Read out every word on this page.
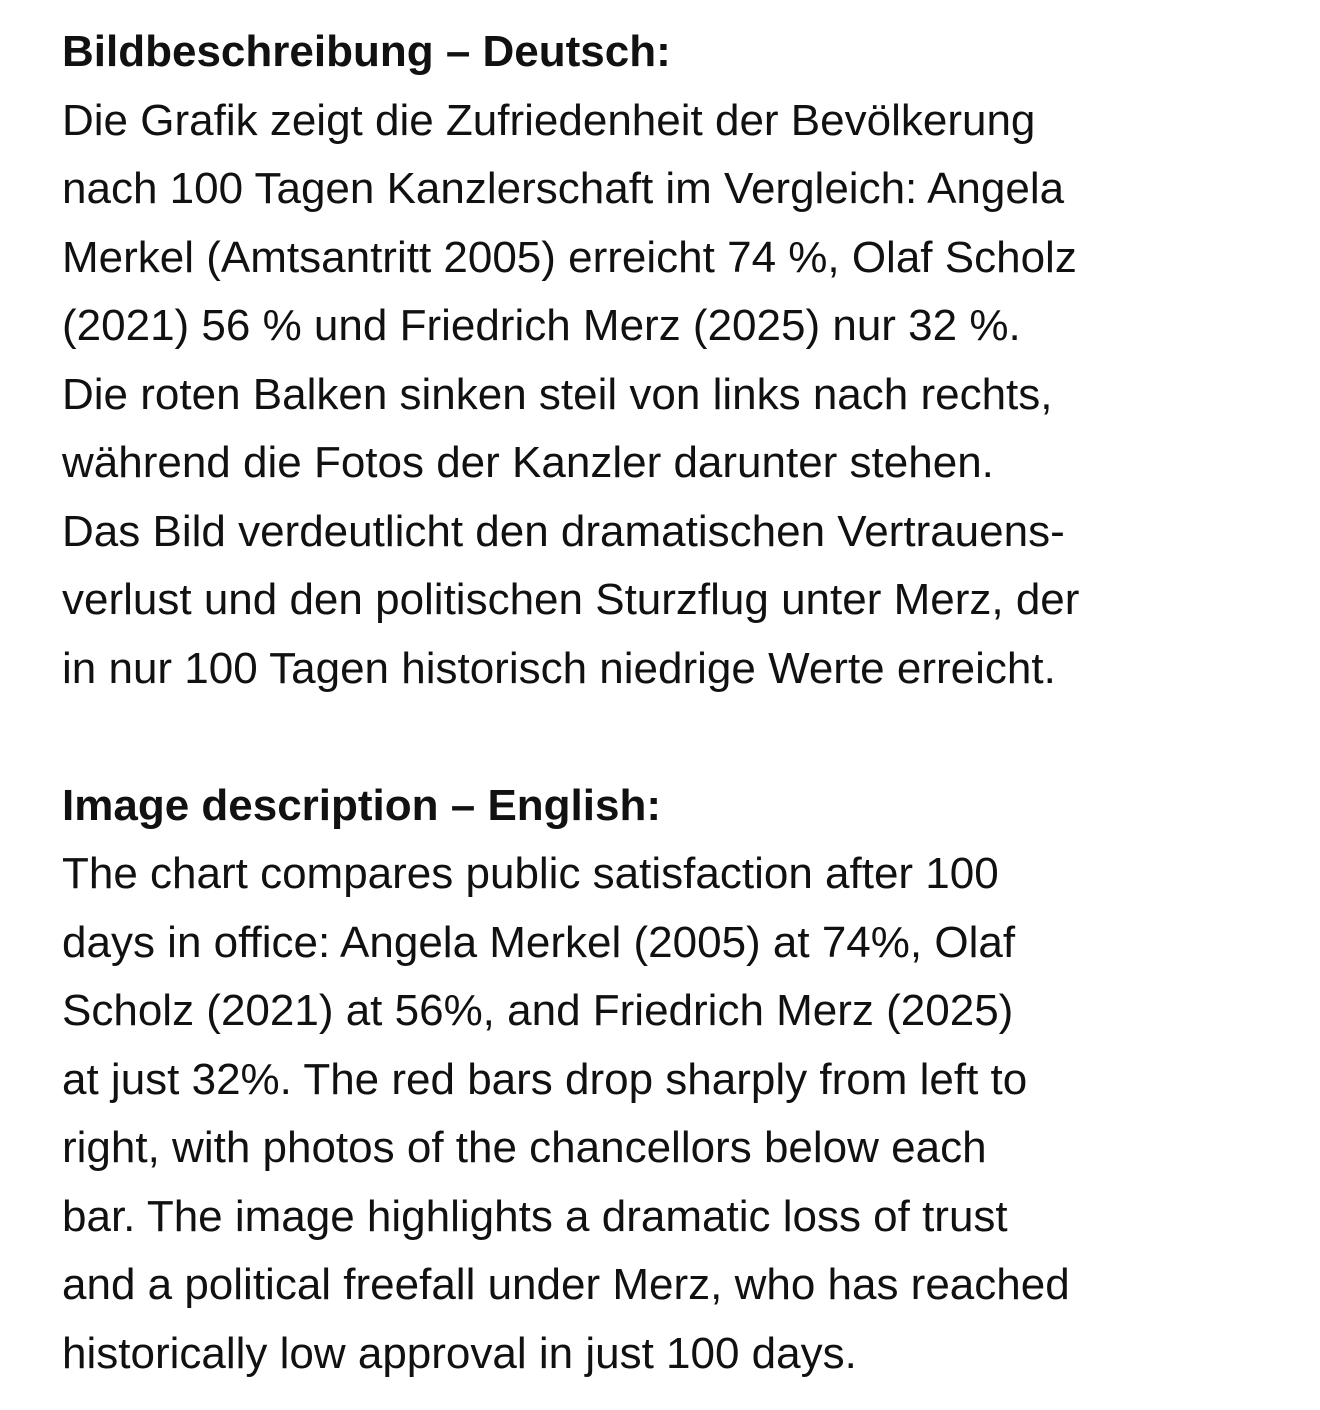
Bildbeschreibung – Deutsch:
Die Grafik zeigt die Zufriedenheit der Bevölkerung
nach 100 Tagen Kanzlerschaft im Vergleich: Angela
Merkel (Amtsantritt 2005) erreicht 74 %, Olaf Scholz
(2021) 56 % und Friedrich Merz (2025) nur 32 %.
Die roten Balken sinken steil von links nach rechts,
während die Fotos der Kanzler darunter stehen.
Das Bild verdeutlicht den dramatischen Vertrauens-
verlust und den politischen Sturzflug unter Merz, der
in nur 100 Tagen historisch niedrige Werte erreicht.
Image description – English:
The chart compares public satisfaction after 100
days in office: Angela Merkel (2005) at 74%, Olaf
Scholz (2021) at 56%, and Friedrich Merz (2025)
at just 32%. The red bars drop sharply from left to
right, with photos of the chancellors below each
bar. The image highlights a dramatic loss of trust
and a political freefall under Merz, who has reached
historically low approval in just 100 days.
